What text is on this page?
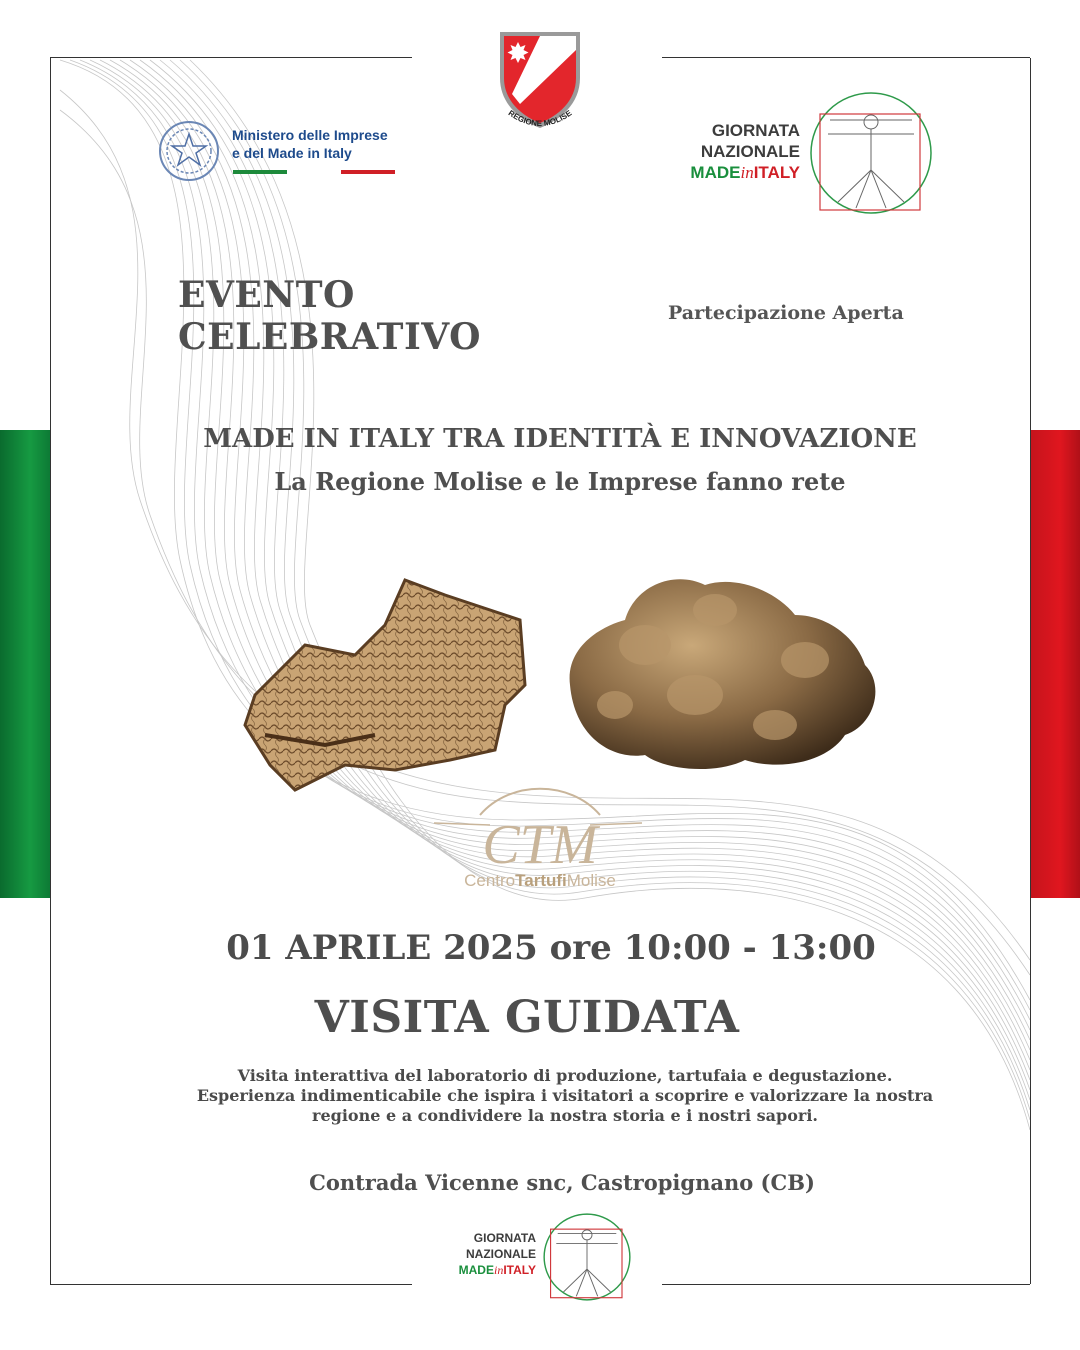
REGIONE MOLISE
Ministero delle Imprese
e del Made in Italy
GIORNATA
NAZIONALE
MADEinITALY
EVENTO
CELEBRATIVO
Partecipazione Aperta
MADE IN ITALY TRA IDENTITÀ E INNOVAZIONE
La Regione Molise e le Imprese fanno rete
CTM
CentroTartufiMolise
01 APRILE 2025 ore 10:00 - 13:00
VISITA GUIDATA
Visita interattiva del laboratorio di produzione, tartufaia e degustazione.
Esperienza indimenticabile che ispira i visitatori a scoprire e valorizzare la nostra
regione e a condividere la nostra storia e i nostri sapori.
Contrada Vicenne snc, Castropignano (CB)
GIORNATA
NAZIONALE
MADEinITALY
